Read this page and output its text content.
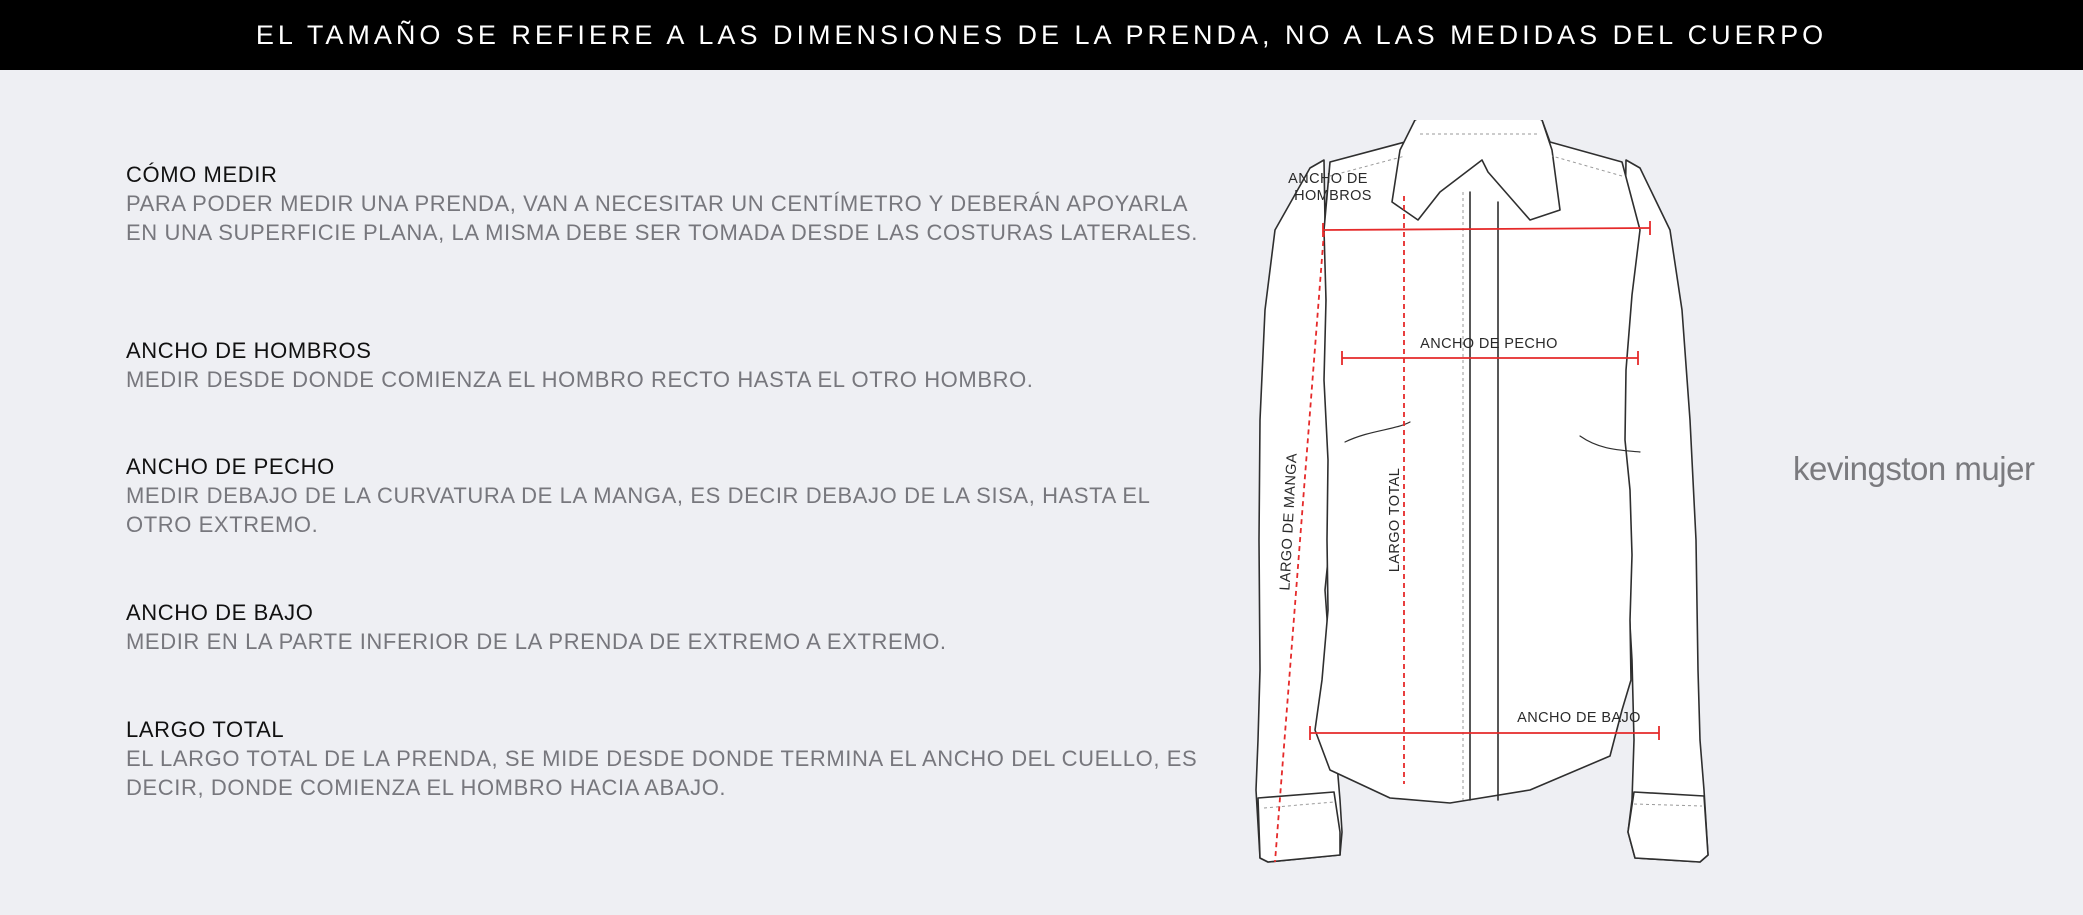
EL TAMAÑO SE REFIERE A LAS DIMENSIONES DE LA PRENDA, NO A LAS MEDIDAS DEL CUERPO
CÓMO MEDIR

PARA PODER MEDIR UNA PRENDA, VAN A NECESITAR UN CENTÍMETRO Y DEBERÁN APOYARLA
EN UNA SUPERFICIE PLANA, LA MISMA DEBE SER TOMADA DESDE LAS COSTURAS LATERALES.

ANCHO DE HOMBROS

MEDIR DESDE DONDE COMIENZA EL HOMBRO RECTO HASTA EL OTRO HOMBRO.

ANCHO DE PECHO

MEDIR DEBAJO DE LA CURVATURA DE LA MANGA, ES DECIR DEBAJO DE LA SISA, HASTA EL
OTRO EXTREMO.

ANCHO DE BAJO

MEDIR EN LA PARTE INFERIOR DE LA PRENDA DE EXTREMO A EXTREMO.

LARGO TOTAL

EL LARGO TOTAL DE LA PRENDA, SE MIDE DESDE DONDE TERMINA EL ANCHO DEL CUELLO, ES
DECIR, DONDE COMIENZA EL HOMBRO HACIA ABAJO.

ANCHO DE
HOMBROS
ANCHO DE PECHO
ANCHO DE BAJO
LARGO DE MANGA	LARGO TOTAL	kevingston mujer
